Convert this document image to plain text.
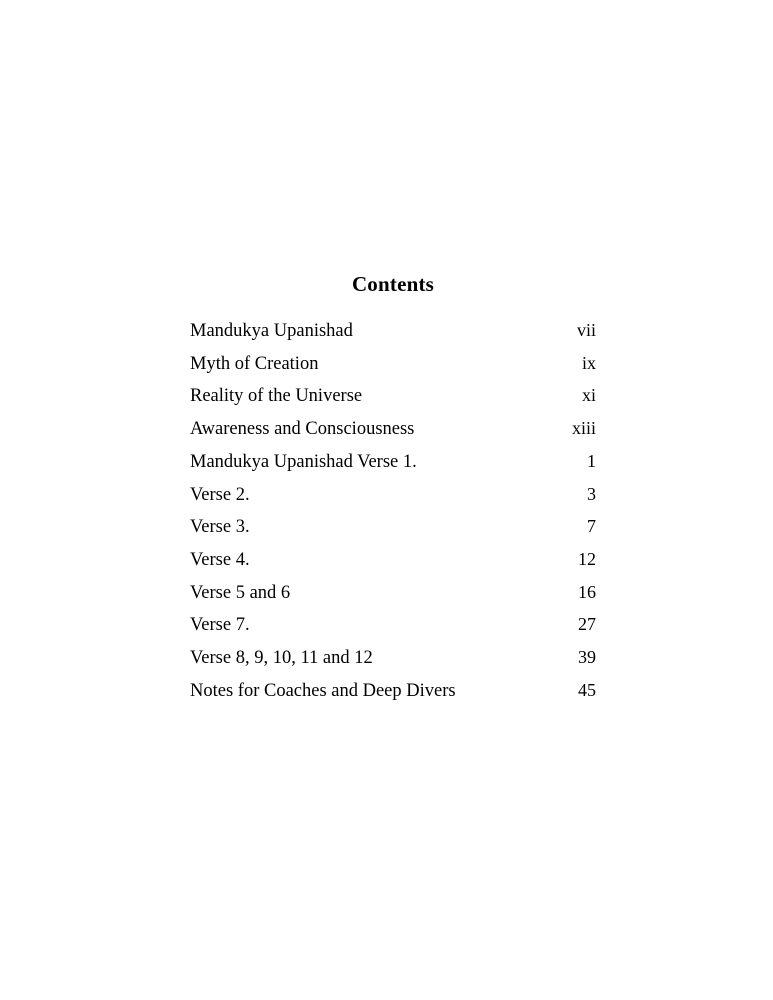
Contents
Mandukya Upanishad	vii
Myth of Creation	ix
Reality of the Universe	xi
Awareness and Consciousness	xiii
Mandukya Upanishad Verse 1.	1
Verse 2.	3
Verse 3.	7
Verse 4.	12
Verse 5 and 6	16
Verse 7.	27
Verse 8, 9, 10, 11 and 12	39
Notes for Coaches and Deep Divers	45
